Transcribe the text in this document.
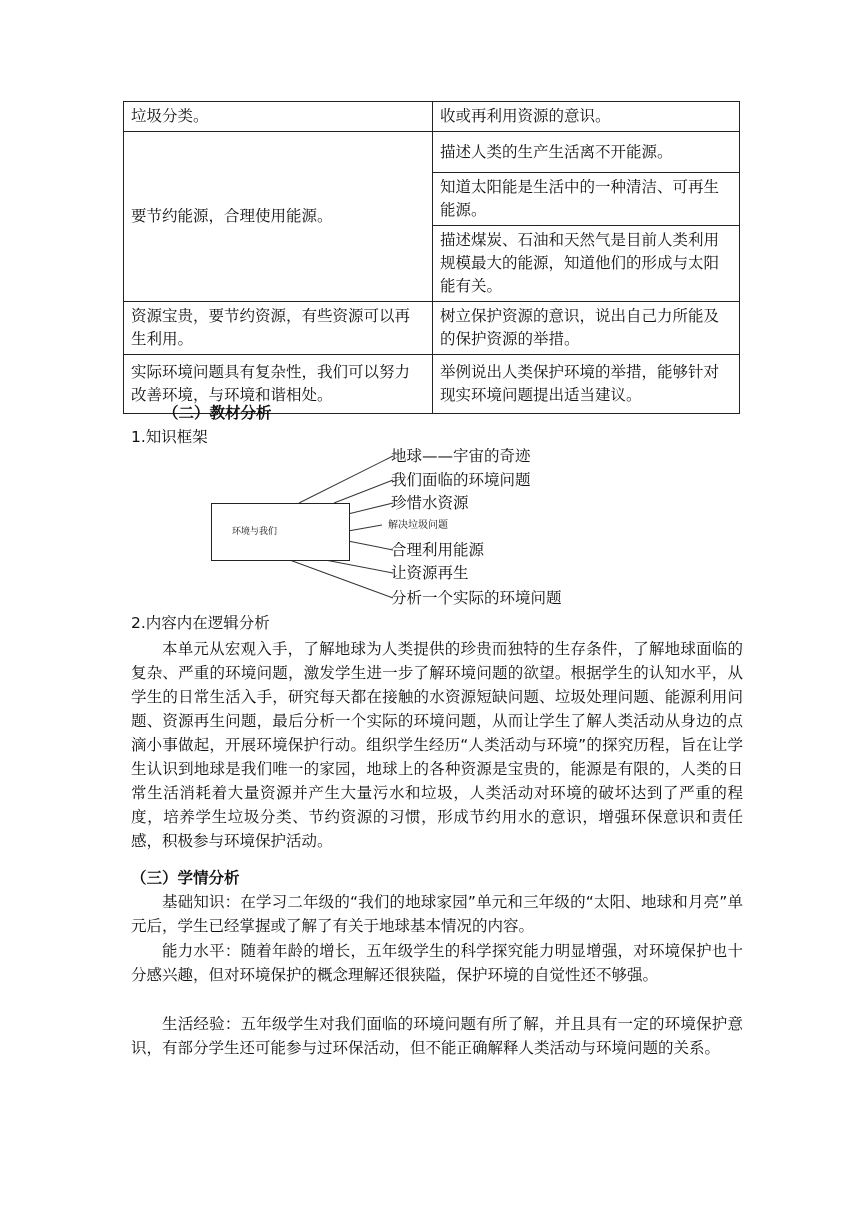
垃圾分类。	收或再利用资源的意识。
要节约能源，合理使用能源。	描述人类的生产生活离不开能源。
	知道太阳能是生活中的一种清洁、可再生能源。
	描述煤炭、石油和天然气是目前人类利用规模最大的能源，知道他们的形成与太阳能有关。
资源宝贵，要节约资源，有些资源可以再生利用。	树立保护资源的意识，说出自己力所能及的保护资源的举措。
实际环境问题具有复杂性，我们可以努力改善环境，与环境和谐相处。	举例说出人类保护环境的举措，能够针对现实环境问题提出适当建议。
（二）教材分析
1.知识框架
环境与我们
地球——宇宙的奇迹
我们面临的环境问题
珍惜水资源
解决垃圾问题
合理利用能源
让资源再生
分析一个实际的环境问题
2.内容内在逻辑分析
本单元从宏观入手，了解地球为人类提供的珍贵而独特的生存条件，了解地球面临的复杂、严重的环境问题，激发学生进一步了解环境问题的欲望。根据学生的认知水平，从学生的日常生活入手，研究每天都在接触的水资源短缺问题、垃圾处理问题、能源利用问题、资源再生问题，最后分析一个实际的环境问题，从而让学生了解人类活动从身边的点滴小事做起，开展环境保护行动。组织学生经历“人类活动与环境”的探究历程，旨在让学生认识到地球是我们唯一的家园，地球上的各种资源是宝贵的，能源是有限的，人类的日常生活消耗着大量资源并产生大量污水和垃圾，人类活动对环境的破坏达到了严重的程度，培养学生垃圾分类、节约资源的习惯，形成节约用水的意识，增强环保意识和责任感，积极参与环境保护活动。
（三）学情分析
基础知识：在学习二年级的“我们的地球家园”单元和三年级的“太阳、地球和月亮”单元后，学生已经掌握或了解了有关于地球基本情况的内容。
能力水平：随着年龄的增长，五年级学生的科学探究能力明显增强，对环境保护也十分感兴趣，但对环境保护的概念理解还很狭隘，保护环境的自觉性还不够强。
生活经验：五年级学生对我们面临的环境问题有所了解，并且具有一定的环境保护意识，有部分学生还可能参与过环保活动，但不能正确解释人类活动与环境问题的关系。
